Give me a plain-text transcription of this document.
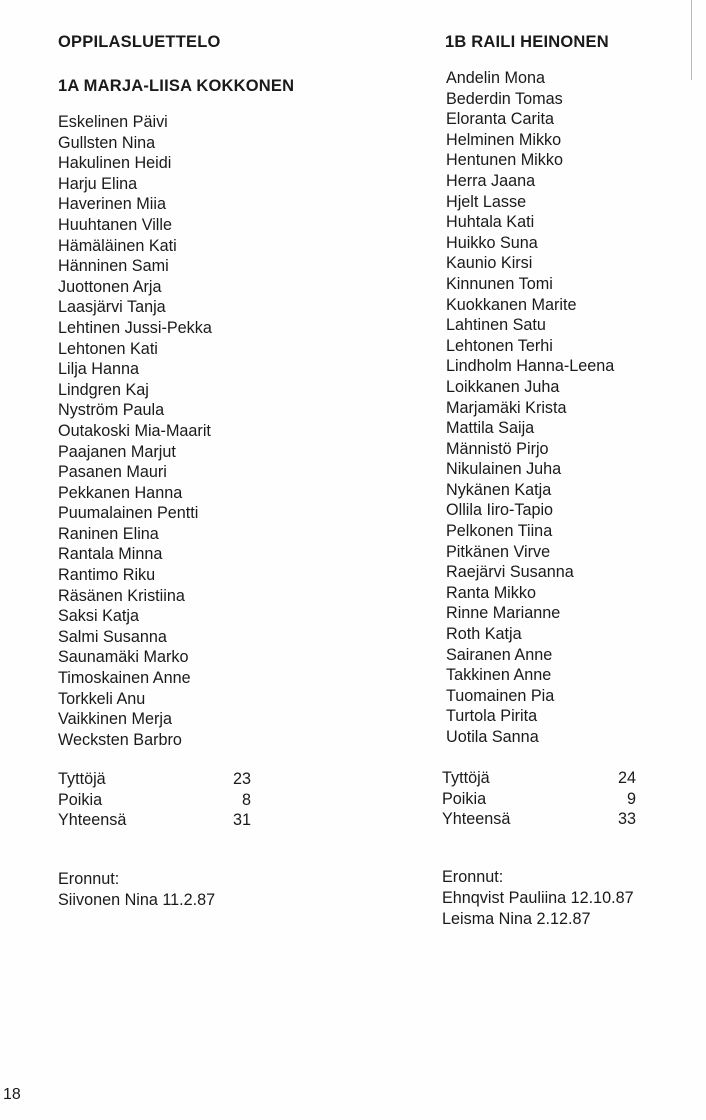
OPPILASLUETTELO
1A MARJA-LIISA KOKKONEN
Eskelinen Päivi
Gullsten Nina
Hakulinen Heidi
Harju Elina
Haverinen Miia
Huuhtanen Ville
Hämäläinen Kati
Hänninen Sami
Juottonen Arja
Laasjärvi Tanja
Lehtinen Jussi-Pekka
Lehtonen Kati
Lilja Hanna
Lindgren Kaj
Nyström Paula
Outakoski Mia-Maarit
Paajanen Marjut
Pasanen Mauri
Pekkanen Hanna
Puumalainen Pentti
Raninen Elina
Rantala Minna
Rantimo Riku
Räsänen Kristiina
Saksi Katja
Salmi Susanna
Saunamäki Marko
Timoskainen Anne
Torkkeli Anu
Vaikkinen Merja
Wecksten Barbro
Tyttöjä	23
Poikia	8
Yhteensä	31
Eronnut:
Siivonen Nina 11.2.87
1B RAILI HEINONEN
Andelin Mona
Bederdin Tomas
Eloranta Carita
Helminen Mikko
Hentunen Mikko
Herra Jaana
Hjelt Lasse
Huhtala Kati
Huikko Suna
Kaunio Kirsi
Kinnunen Tomi
Kuokkanen Marite
Lahtinen Satu
Lehtonen Terhi
Lindholm Hanna-Leena
Loikkanen Juha
Marjamäki Krista
Mattila Saija
Männistö Pirjo
Nikulainen Juha
Nykänen Katja
Ollila Iiro-Tapio
Pelkonen Tiina
Pitkänen Virve
Raejärvi Susanna
Ranta Mikko
Rinne Marianne
Roth Katja
Sairanen Anne
Takkinen Anne
Tuomainen Pia
Turtola Pirita
Uotila Sanna
Tyttöjä	24
Poikia	9
Yhteensä	33
Eronnut:
Ehnqvist Pauliina 12.10.87
Leisma Nina 2.12.87
18
